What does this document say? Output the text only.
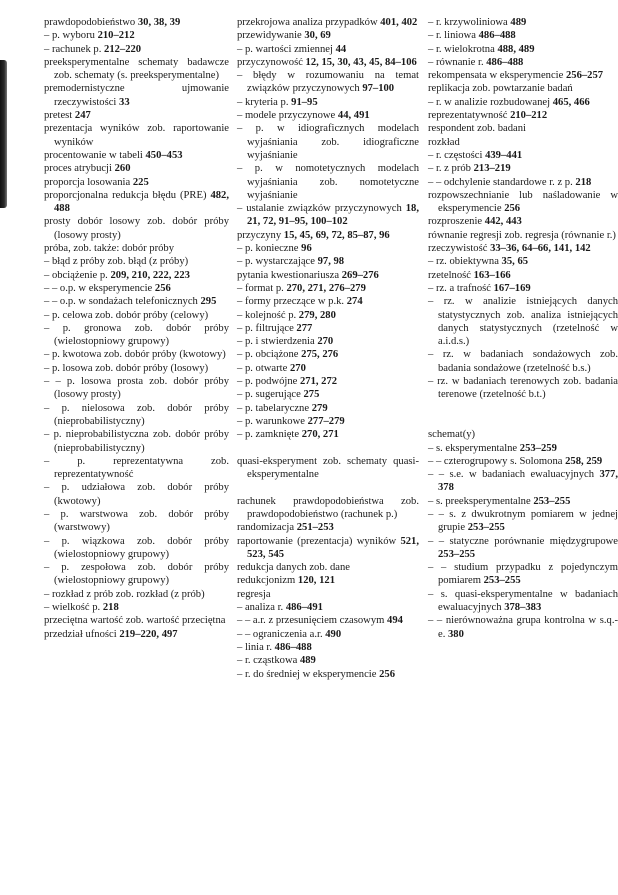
prawdopodobieństwo 30, 38, 39

– p. wyboru 210–212

– rachunek p. 212–220

preeksperymentalne schematy badawcze zob. schematy (s. preeksperymentalne)

premodernistyczne ujmowanie rzeczywistości 33

pretest 247

prezentacja wyników zob. raportowanie wyników

procentowanie w tabeli 450–453

proces atrybucji 260

proporcja losowania 225

proporcjonalna redukcja błędu (PRE) 482, 488

prosty dobór losowy zob. dobór próby (losowy prosty)

próba, zob. także: dobór próby

– błąd z próby zob. błąd (z próby)

– obciążenie p. 209, 210, 222, 223

– – o.p. w eksperymencie 256

– – o.p. w sondażach telefonicznych 295

– p. celowa zob. dobór próby (celowy)

– p. gronowa zob. dobór próby (wielostopniowy grupowy)

– p. kwotowa zob. dobór próby (kwotowy)

– p. losowa zob. dobór próby (losowy)

– – p. losowa prosta zob. dobór próby (losowy prosty)

– p. nielosowa zob. dobór próby (nieprobabilistyczny)

– p. nieprobabilistyczna zob. dobór próby (nieprobabilistyczny)

– p. reprezentatywna zob. reprezentatywność

– p. udziałowa zob. dobór próby (kwotowy)

– p. warstwowa zob. dobór próby (warstwowy)

– p. wiązkowa zob. dobór próby (wielostopniowy grupowy)

– p. zespołowa zob. dobór próby (wielostopniowy grupowy)

– rozkład z prób zob. rozkład (z prób)

– wielkość p. 218

przeciętna wartość zob. wartość przeciętna

przedział ufności 219–220, 497

przekrojowa analiza przypadków 401, 402

przewidywanie 30, 69

– p. wartości zmiennej 44

przyczynowość 12, 15, 30, 43, 45, 84–106

– błędy w rozumowaniu na temat związków przyczynowych 97–100

– kryteria p. 91–95

– modele przyczynowe 44, 491

– p. w idiograficznych modelach wyjaśniania zob. idiograficzne wyjaśnianie

– p. w nomotetycznych modelach wyjaśniania zob. nomotetyczne wyjaśnianie

– ustalanie związków przyczynowych 18, 21, 72, 91–95, 100–102

przyczyny 15, 45, 69, 72, 85–87, 96

– p. konieczne 96

– p. wystarczające 97, 98

pytania kwestionariusza 269–276

– format p. 270, 271, 276–279

– formy przeczące w p.k. 274

– kolejność p. 279, 280

– p. filtrujące 277

– p. i stwierdzenia 270

– p. obciążone 275, 276

– p. otwarte 270

– p. podwójne 271, 272

– p. sugerujące 275

– p. tabelaryczne 279

– p. warunkowe 277–279

– p. zamknięte 270, 271

quasi-eksperyment zob. schematy quasi-eksperymentalne

rachunek prawdopodobieństwa zob. prawdopodobieństwo (rachunek p.)

randomizacja 251–253

raportowanie (prezentacja) wyników 521, 523, 545

redukcja danych zob. dane

redukcjonizm 120, 121

regresja

– analiza r. 486–491

– – a.r. z przesunięciem czasowym 494

– – ograniczenia a.r. 490

– linia r. 486–488

– r. cząstkowa 489

– r. do średniej w eksperymencie 256

– r. krzywoliniowa 489

– r. liniowa 486–488

– r. wielokrotna 488, 489

– równanie r. 486–488

rekompensata w eksperymencie 256–257

replikacja zob. powtarzanie badań

– r. w analizie rozbudowanej 465, 466

reprezentatywność 210–212

respondent zob. badani

rozkład

– r. częstości 439–441

– r. z prób 213–219

– – odchylenie standardowe r. z p. 218

rozpowszechnianie lub naśladowanie w eksperymencie 256

rozproszenie 442, 443

równanie regresji zob. regresja (równanie r.)

rzeczywistość 33–36, 64–66, 141, 142

– rz. obiektywna 35, 65

rzetelność 163–166

– rz. a trafność 167–169

– rz. w analizie istniejących danych statystycznych zob. analiza istniejących danych statystycznych (rzetelność w a.i.d.s.)

– rz. w badaniach sondażowych zob. badania sondażowe (rzetelność b.s.)

– rz. w badaniach terenowych zob. badania terenowe (rzetelność b.t.)

schemat(y)

– s. eksperymentalne 253–259

– – czterogrupowy s. Solomona 258, 259

– – s.e. w badaniach ewaluacyjnych 377, 378

– s. preeksperymentalne 253–255

– – s. z dwukrotnym pomiarem w jednej grupie 253–255

– – statyczne porównanie międzygrupowe 253–255

– – studium przypadku z pojedynczym pomiarem 253–255

– s. quasi-eksperymentalne w badaniach ewaluacyjnych 378–383

– – nierównoważna grupa kontrolna w s.q.-e. 380
